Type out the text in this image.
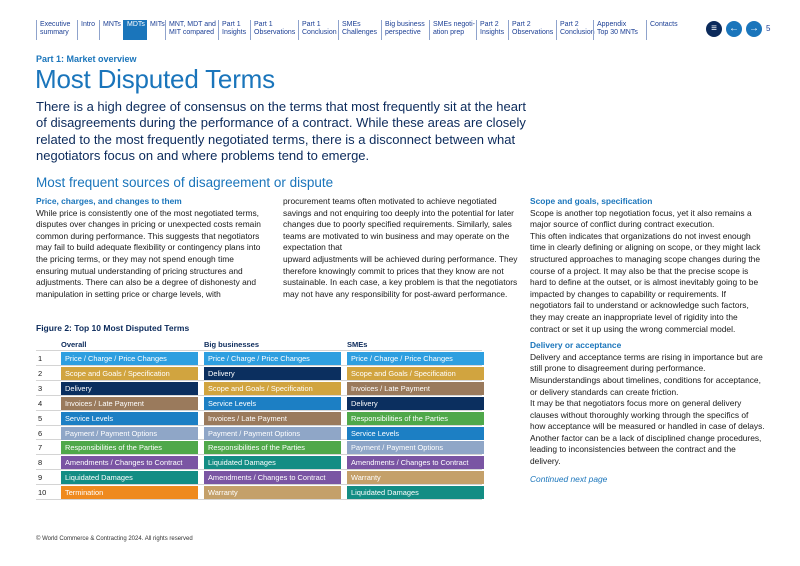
Executive
summary
Intro	MNTs MDTs MITs MNT, MDT and
MIT compared
Part 1
Insights
Part 1
Observations
Part 1
Conclusion
SMEs
Challenges
Big business
perspective
SMEs negoti-
ation prep
Part 2
Insights
Part 2
Observations
Part 2
Conclusion
Appendix
Top 30 MNTs
Contacts	≡	←	→ 5
Part 1: Market overview
Most Disputed Terms

There is a high degree of consensus on the terms that most frequently sit at the heart of disagreements during the performance of a contract. While these areas are closely related to the most frequently negotiated terms, there is a disconnect between what negotiators focus on and where problems tend to emerge.

Most frequent sources of disagreement or dispute

Price, charges, and changes to them

While price is consistently one of the most negotiated terms, disputes over changes in pricing or unexpected costs remain common during performance. This suggests that negotiators may fail to build adequate flexibility or contingency plans into the pricing terms, or they may not spend enough time ensuring mutual understanding of pricing structures and adjustments. There can also be a degree of dishonesty and manipulation in setting price or charge levels, with

procurement teams often motivated to achieve negotiated savings and not enquiring too deeply into the potential for later changes due to poorly specified requirements. Similarly, sales teams are motivated to win business and may operate on the expectation that

upward adjustments will be achieved during performance. They therefore knowingly commit to prices that they know are not sustainable. In each case, a key problem is that the negotiators may not have any responsibility for post-award performance.

Scope and goals, specification

Scope is another top negotiation focus, yet it also remains a major source of conflict during contract execution.

This often indicates that organizations do not invest enough time in clearly defining or aligning on scope, or they might lack structured approaches to managing scope changes during the course of a project. It may also be that the precise scope is hard to define at the outset, or is almost inevitably going to be impacted by changes to capability or requirements. If negotiators fail to understand or acknowledge such factors, they may create an inappropriate level of rigidity into the contract or set it up using the wrong commercial model.

Delivery or acceptance

Delivery and acceptance terms are rising in importance but are still prone to disagreement during performance. Misunderstandings about timelines, conditions for acceptance, or delivery standards can create friction.

It may be that negotiators focus more on general delivery clauses without thoroughly working through the specifics of how acceptance will be measured or handled in case of delays. Another factor can be a lack of disciplined change procedures, leading to inconsistencies between the contract and the delivery.

Continued next page

Figure 2: Top 10 Most Disputed Terms
Overall	Big businesses	SMEs
1	Price / Charge / Price Changes	Price / Charge / Price Changes	Price / Charge / Price Changes
2	Scope and Goals / Specification	Delivery	Scope and Goals / Specification
3	Delivery	Scope and Goals / Specification	Invoices / Late Payment
4	Invoices / Late Payment	Service Levels	Delivery
5	Service Levels	Invoices / Late Payment	Responsibilities of the Parties
6	Payment / Payment Options	Payment / Payment Options	Service Levels
7	Responsibilities of the Parties	Responsibilities of the Parties	Payment / Payment Options
8	Amendments / Changes to Contract	Liquidated Damages	Amendments / Changes to Contract
9	Liquidated Damages	Amendments / Changes to Contract	Warranty
10	Termination	Warranty	Liquidated Damages
© World Commerce & Contracting 2024. All rights reserved
